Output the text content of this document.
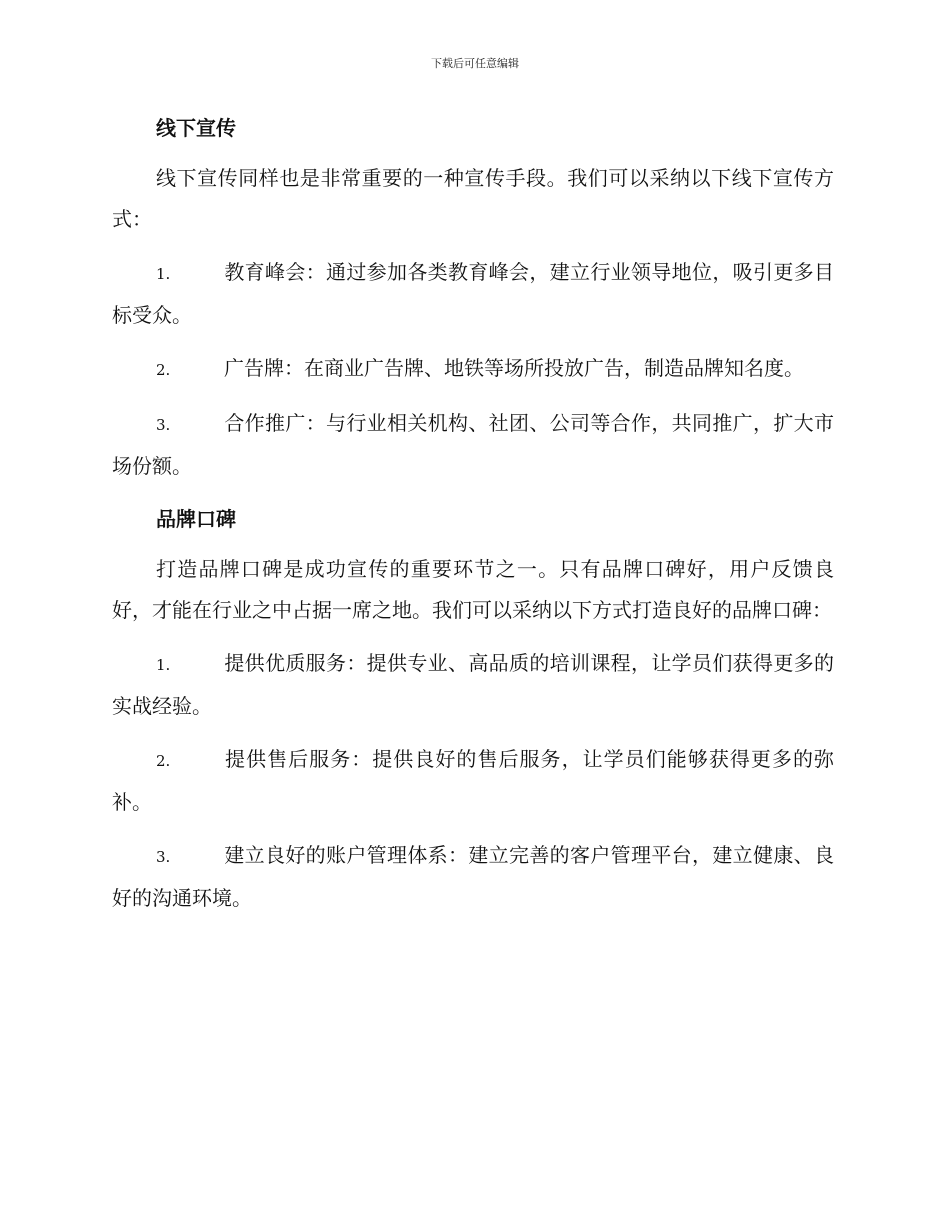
下载后可任意编辑
线下宣传

线下宣传同样也是非常重要的一种宣传手段。我们可以采纳以下线下宣传方式：

1.	教育峰会：通过参加各类教育峰会，建立行业领导地位，吸引更多目标受众。

2.	广告牌：在商业广告牌、地铁等场所投放广告，制造品牌知名度。

3.	合作推广：与行业相关机构、社团、公司等合作，共同推广，扩大市场份额。

品牌口碑

打造品牌口碑是成功宣传的重要环节之一。只有品牌口碑好，用户反馈良好，才能在行业之中占据一席之地。我们可以采纳以下方式打造良好的品牌口碑：

1.	提供优质服务：提供专业、高品质的培训课程，让学员们获得更多的实战经验。

2.	提供售后服务：提供良好的售后服务，让学员们能够获得更多的弥补。

3.	建立良好的账户管理体系：建立完善的客户管理平台，建立健康、良好的沟通环境。
